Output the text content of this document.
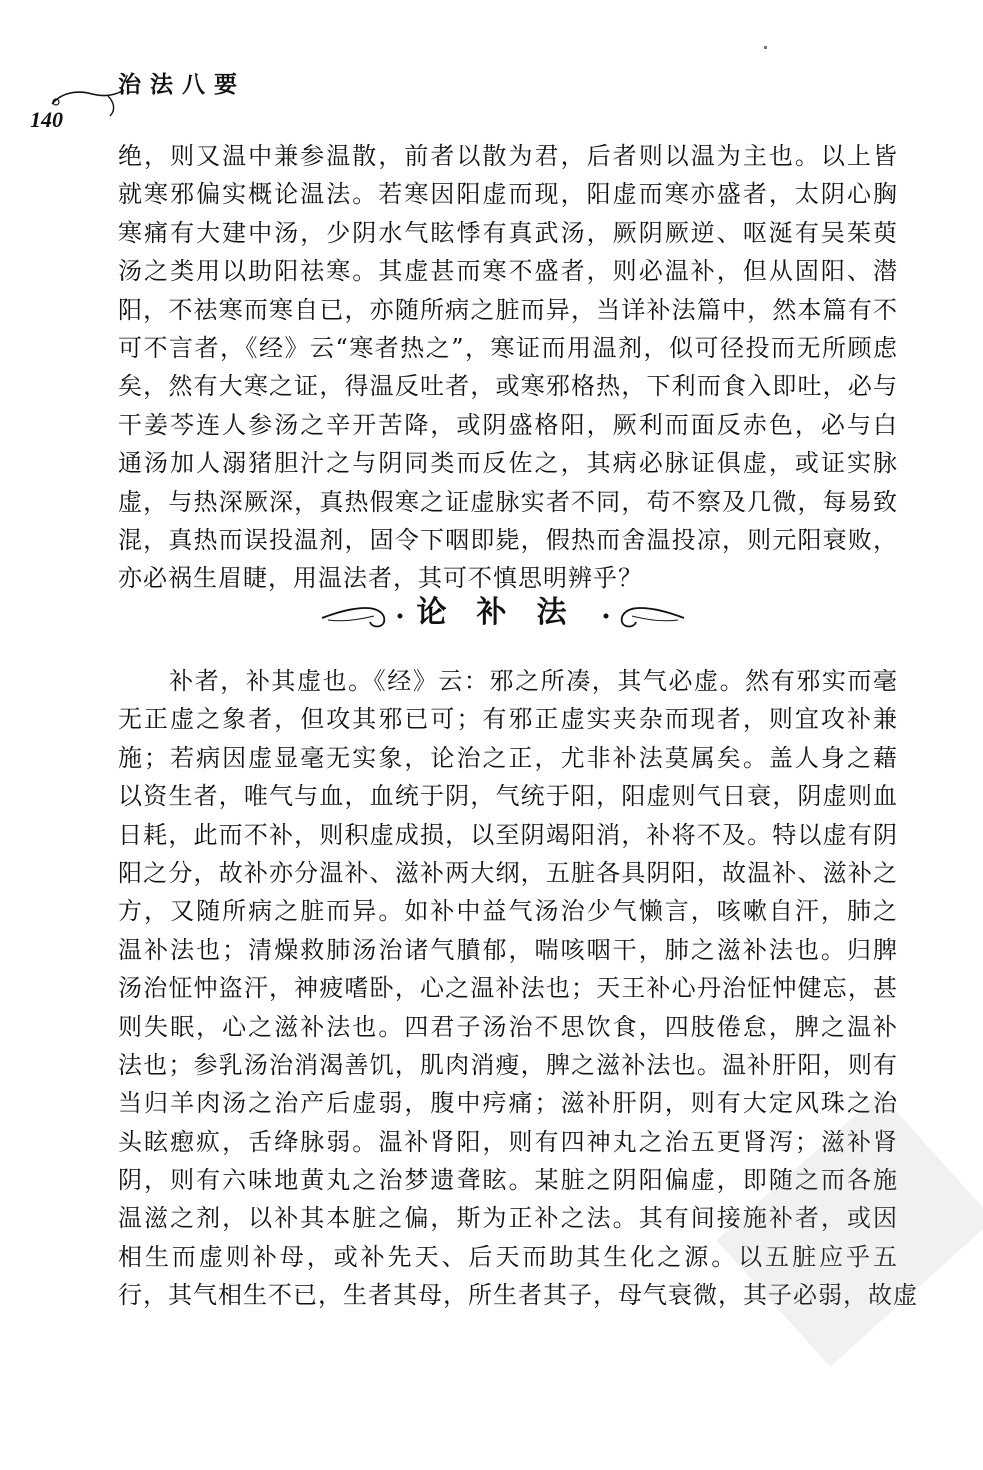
治法八要
140
绝，则又温中兼参温散，前者以散为君，后者则以温为主也。以上皆
就寒邪偏实概论温法。若寒因阳虚而现，阳虚而寒亦盛者，太阴心胸
寒痛有大建中汤，少阴水气眩悸有真武汤，厥阴厥逆、呕涎有吴茱萸
汤之类用以助阳祛寒。其虚甚而寒不盛者，则必温补，但从固阳、潜
阳，不祛寒而寒自已，亦随所病之脏而异，当详补法篇中，然本篇有不
可不言者，《经》云“寒者热之”，寒证而用温剂，似可径投而无所顾虑
矣，然有大寒之证，得温反吐者，或寒邪格热，下利而食入即吐，必与
干姜芩连人参汤之辛开苦降，或阴盛格阳，厥利而面反赤色，必与白
通汤加人溺猪胆汁之与阴同类而反佐之，其病必脉证俱虚，或证实脉
虚，与热深厥深，真热假寒之证虚脉实者不同，苟不察及几微，每易致
混，真热而误投温剂，固令下咽即毙，假热而舍温投凉，则元阳衰败，
亦必祸生眉睫，用温法者，其可不慎思明辨乎？
论补法
　　补者，补其虚也。《经》云：邪之所凑，其气必虚。然有邪实而毫
无正虚之象者，但攻其邪已可；有邪正虚实夹杂而现者，则宜攻补兼
施；若病因虚显毫无实象，论治之正，尤非补法莫属矣。盖人身之藉
以资生者，唯气与血，血统于阴，气统于阳，阳虚则气日衰，阴虚则血
日耗，此而不补，则积虚成损，以至阴竭阳消，补将不及。特以虚有阴
阳之分，故补亦分温补、滋补两大纲，五脏各具阴阳，故温补、滋补之
方，又随所病之脏而异。如补中益气汤治少气懒言，咳嗽自汗，肺之
温补法也；清燥救肺汤治诸气膹郁，喘咳咽干，肺之滋补法也。归脾
汤治怔忡盗汗，神疲嗜卧，心之温补法也；天王补心丹治怔忡健忘，甚
则失眠，心之滋补法也。四君子汤治不思饮食，四肢倦怠，脾之温补
法也；参乳汤治消渴善饥，肌肉消瘦，脾之滋补法也。温补肝阳，则有
当归羊肉汤之治产后虚弱，腹中疞痛；滋补肝阴，则有大定风珠之治
头眩瘛疭，舌绛脉弱。温补肾阳，则有四神丸之治五更肾泻；滋补肾
阴，则有六味地黄丸之治梦遗聋眩。某脏之阴阳偏虚，即随之而各施
温滋之剂，以补其本脏之偏，斯为正补之法。其有间接施补者，或因
相生而虚则补母，或补先天、后天而助其生化之源。以五脏应乎五
行，其气相生不已，生者其母，所生者其子，母气衰微，其子必弱，故虚
